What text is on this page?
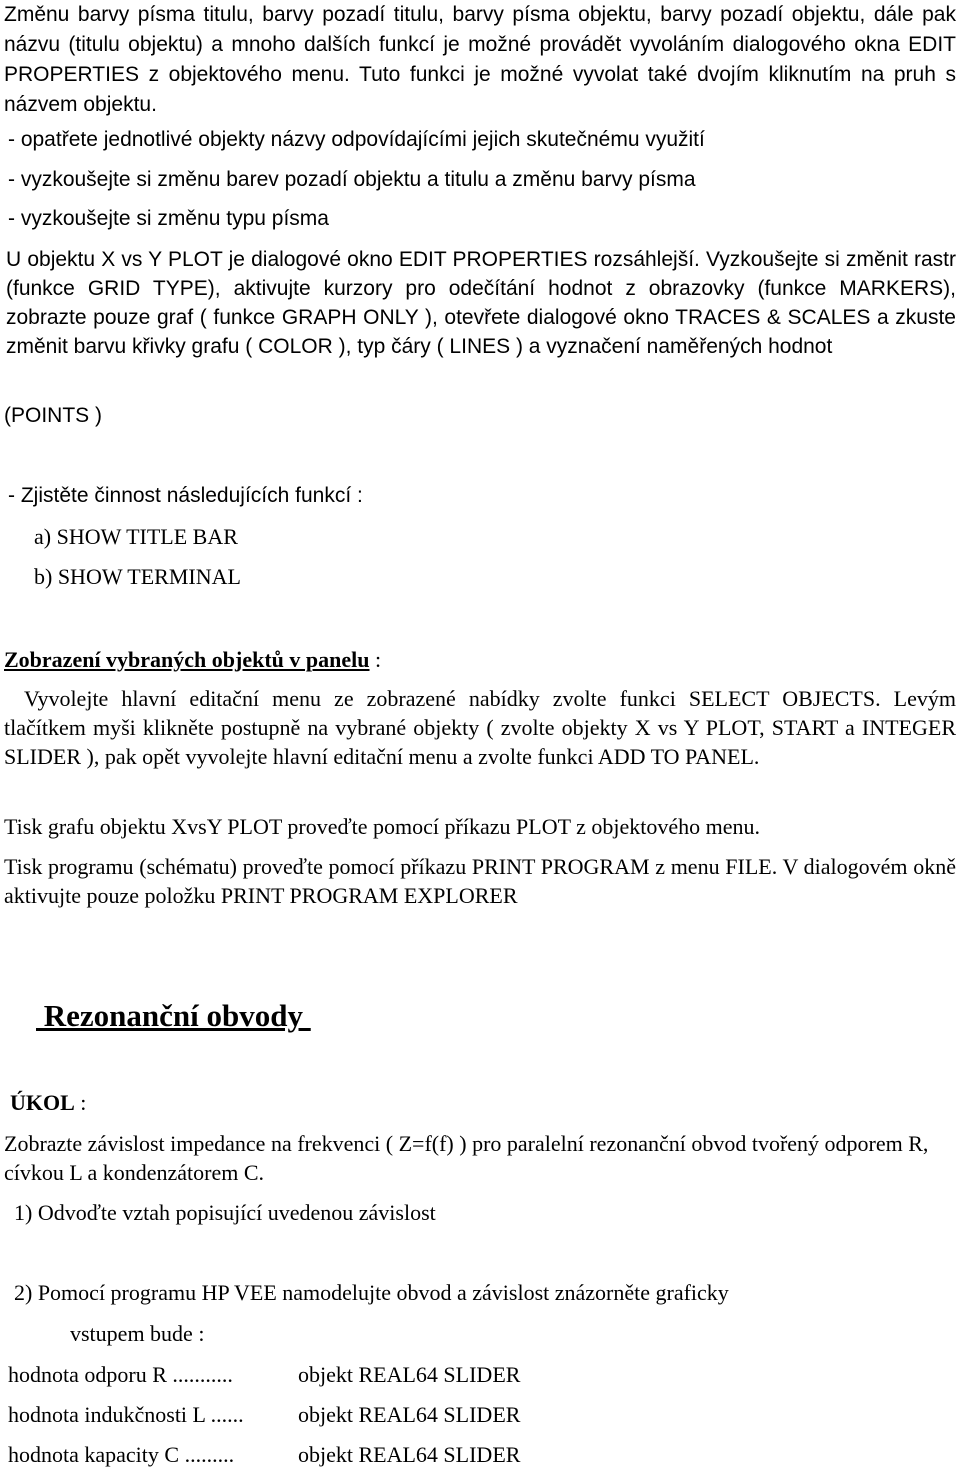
Změnu barvy písma titulu, barvy pozadí titulu, barvy písma objektu, barvy pozadí objektu, dále pak názvu (titulu objektu) a mnoho dalších funkcí je možné provádět vyvoláním dialogového okna EDIT PROPERTIES z objektového menu. Tuto funkci je možné vyvolat také dvojím kliknutím na pruh s názvem objektu.

- opatřete jednotlivé objekty názvy odpovídajícími jejich skutečnému využití
- vyzkoušejte si změnu barev pozadí objektu a titulu a změnu barvy písma
- vyzkoušejte si změnu typu písma

U objektu X vs Y PLOT je dialogové okno EDIT PROPERTIES rozsáhlejší. Vyzkoušejte si změnit rastr (funkce GRID TYPE), aktivujte kurzory pro odečítání hodnot z obrazovky (funkce MARKERS), zobrazte pouze graf ( funkce GRAPH ONLY ), otevřete dialogové okno TRACES & SCALES a zkuste změnit barvu křivky grafu ( COLOR ), typ čáry ( LINES ) a vyznačení naměřených hodnot

(POINTS )
- Zjistěte činnost následujících funkcí :
a) SHOW TITLE BAR
b) SHOW TERMINAL
Zobrazení vybraných objektů v panelu :

Vyvolejte hlavní editační menu ze zobrazené nabídky zvolte funkci SELECT OBJECTS. Levým tlačítkem myši klikněte postupně na vybrané objekty ( zvolte objekty X vs Y PLOT, START a INTEGER SLIDER ), pak opět vyvolejte hlavní editační menu a zvolte funkci ADD TO PANEL.

Tisk grafu objektu XvsY PLOT proveďte pomocí příkazu PLOT z objektového menu.

Tisk programu (schématu) proveďte pomocí příkazu PRINT PROGRAM z menu FILE. V dialogovém okně aktivujte pouze položku PRINT PROGRAM EXPLORER

Rezonanční obvody
ÚKOL :

Zobrazte závislost impedance na frekvenci ( Z=f(f) ) pro paralelní rezonanční obvod tvořený odporem R, cívkou L a kondenzátorem C.

1) Odvoďte vztah popisující uvedenou závislost
2) Pomocí programu HP VEE namodelujte obvod a závislost znázorněte graficky
vstupem bude :
hodnota odporu R ...........	objekt REAL64 SLIDER
hodnota indukčnosti L ...... objekt REAL64 SLIDER
hodnota kapacity C .........	objekt REAL64 SLIDER
